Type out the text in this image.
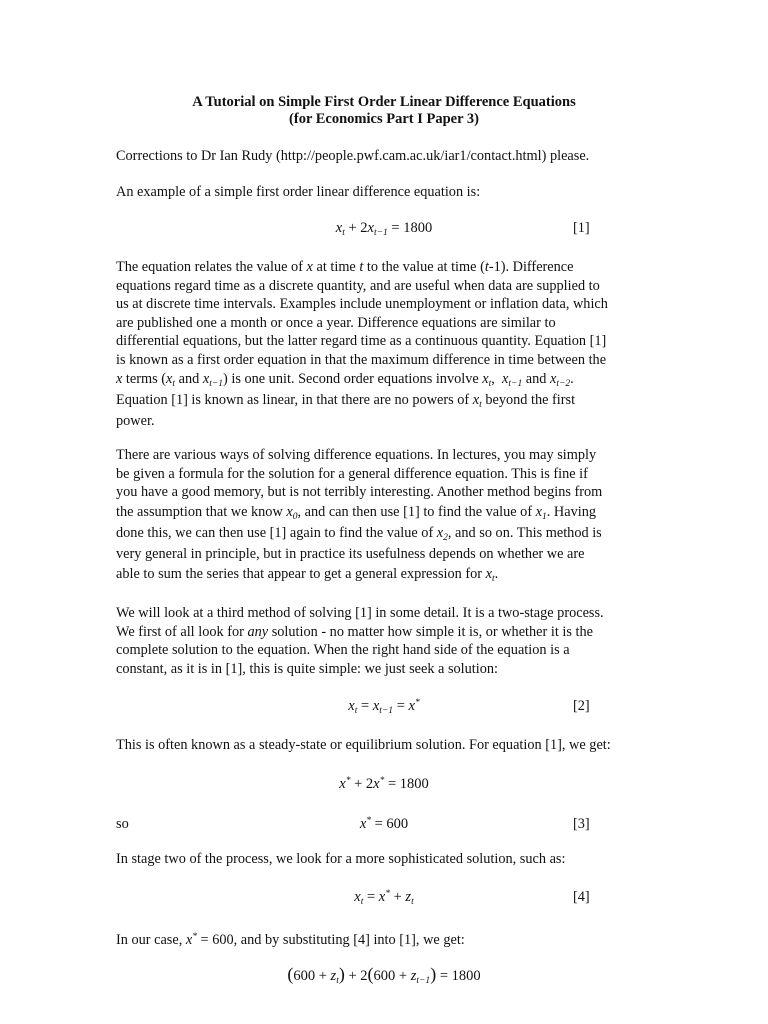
A Tutorial on Simple First Order Linear Difference Equations
(for Economics Part I Paper 3)
Corrections to Dr Ian Rudy (http://people.pwf.cam.ac.uk/iar1/contact.html) please.
An example of a simple first order linear difference equation is:
$x_t + 2x_{t-1} = 1800$	[1]
The equation relates the value of x at time t to the value at time (t-1). Difference
equations regard time as a discrete quantity, and are useful when data are supplied to
us at discrete time intervals. Examples include unemployment or inflation data, which
are published one a month or once a year. Difference equations are similar to
differential equations, but the latter regard time as a continuous quantity. Equation [1]
is known as a first order equation in that the maximum difference in time between the
x terms ($x_t$ and $x_{t-1}$) is one unit. Second order equations involve $x_t$,  $x_{t-1}$ and $x_{t-2}$.
Equation [1] is known as linear, in that there are no powers of $x_t$ beyond the first
power.
There are various ways of solving difference equations. In lectures, you may simply
be given a formula for the solution for a general difference equation. This is fine if
you have a good memory, but is not terribly interesting. Another method begins from
the assumption that we know $x_0$, and can then use [1] to find the value of $x_1$. Having
done this, we can then use [1] again to find the value of $x_2$, and so on. This method is
very general in principle, but in practice its usefulness depends on whether we are
able to sum the series that appear to get a general expression for $x_t$.
We will look at a third method of solving [1] in some detail. It is a two-stage process.
We first of all look for any solution - no matter how simple it is, or whether it is the
complete solution to the equation. When the right hand side of the equation is a
constant, as it is in [1], this is quite simple: we just seek a solution:
$x_t = x_{t-1} = x^*$	[2]
This is often known as a steady-state or equilibrium solution. For equation [1], we get:
x* + 2x* = 1800
so	x* = 600	[3]
In stage two of the process, we look for a more sophisticated solution, such as:
$x_t = x^* + z_t$	[4]
In our case, x* = 600, and by substituting [4] into [1], we get:
$(600 + z_t) + 2(600 + z_{t-1}) = 1800$
